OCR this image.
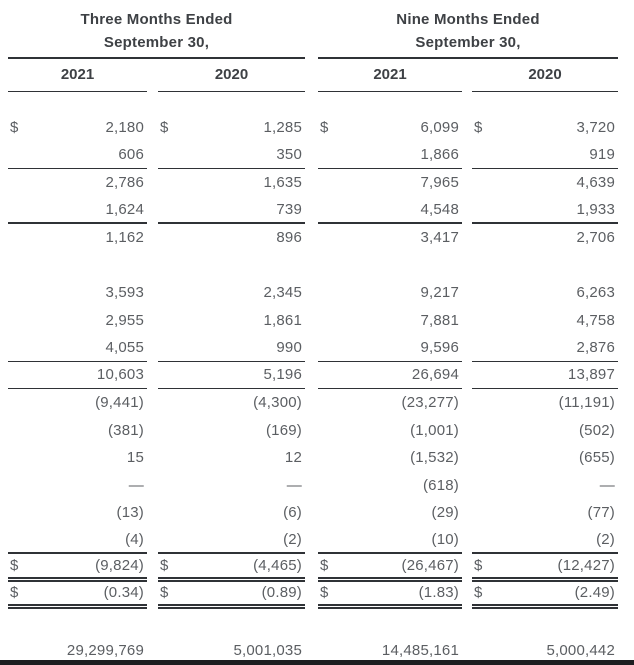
Three Months Ended
September 30,
Nine Months Ended
September 30,
2021	2020	2021	2020
$	2,180 $	1,285 $	6,099 $	3,720
606	350	1,866	919
2,786	1,635	7,965	4,639
1,624	739	4,548	1,933
1,162	896	3,417	2,706
3,593	2,345	9,217	6,263
2,955	1,861	7,881	4,758
4,055	990	9,596	2,876
10,603	5,196	26,694	13,897
(9,441)	(4,300)	(23,277)	(11,191)
(381)	(169)	(1,001)	(502)
15	12	(1,532)	(655)
—	—	(618)	—
(13)	(6)	(29)	(77)
(4)	(2)	(10)	(2)
$	(9,824) $	(4,465) $	(26,467) $	(12,427)
$	(0.34) $	(0.89) $	(1.83) $	(2.49)
29,299,769	5,001,035	14,485,161	5,000,442
